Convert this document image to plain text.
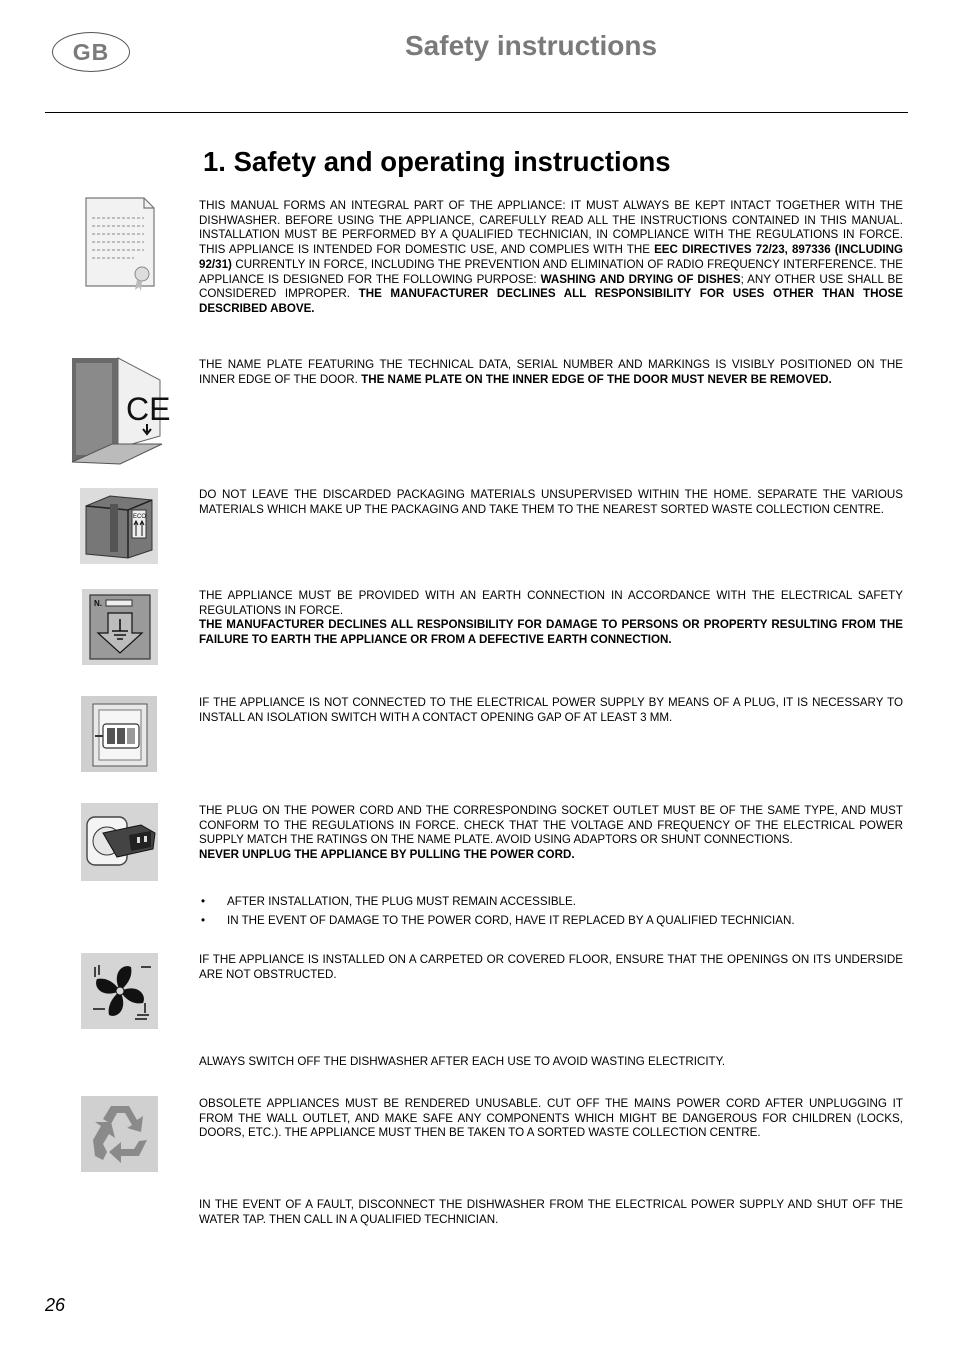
GB	Safety instructions
1. Safety and operating instructions
CE
ECO
N.
THIS MANUAL FORMS AN INTEGRAL PART OF THE APPLIANCE: IT MUST ALWAYS BE KEPT INTACT TOGETHER WITH THE DISHWASHER. BEFORE USING THE APPLIANCE, CAREFULLY READ ALL THE INSTRUCTIONS CONTAINED IN THIS MANUAL. INSTALLATION MUST BE PERFORMED BY A QUALIFIED TECHNICIAN, IN COMPLIANCE WITH THE REGULATIONS IN FORCE. THIS APPLIANCE IS INTENDED FOR DOMESTIC USE, AND COMPLIES WITH THE EEC DIRECTIVES 72/23, 897336 (INCLUDING 92/31) CURRENTLY IN FORCE, INCLUDING THE PREVENTION AND ELIMINATION OF RADIO FREQUENCY INTERFERENCE. THE APPLIANCE IS DESIGNED FOR THE FOLLOWING PURPOSE: WASHING AND DRYING OF DISHES; ANY OTHER USE SHALL BE CONSIDERED IMPROPER. THE MANUFACTURER DECLINES ALL RESPONSIBILITY FOR USES OTHER THAN THOSE DESCRIBED ABOVE.
THE NAME PLATE FEATURING THE TECHNICAL DATA, SERIAL NUMBER AND MARKINGS IS VISIBLY POSITIONED ON THE INNER EDGE OF THE DOOR. THE NAME PLATE ON THE INNER EDGE OF THE DOOR MUST NEVER BE REMOVED.
DO NOT LEAVE THE DISCARDED PACKAGING MATERIALS UNSUPERVISED WITHIN THE HOME. SEPARATE THE VARIOUS MATERIALS WHICH MAKE UP THE PACKAGING AND TAKE THEM TO THE NEAREST SORTED WASTE COLLECTION CENTRE.
THE APPLIANCE MUST BE PROVIDED WITH AN EARTH CONNECTION IN ACCORDANCE WITH THE ELECTRICAL SAFETY REGULATIONS IN FORCE.
THE MANUFACTURER DECLINES ALL RESPONSIBILITY FOR DAMAGE TO PERSONS OR PROPERTY RESULTING FROM THE FAILURE TO EARTH THE APPLIANCE OR FROM A DEFECTIVE EARTH CONNECTION.
IF THE APPLIANCE IS NOT CONNECTED TO THE ELECTRICAL POWER SUPPLY BY MEANS OF A PLUG, IT IS NECESSARY TO INSTALL AN ISOLATION SWITCH WITH A CONTACT OPENING GAP OF AT LEAST 3 MM.
THE PLUG ON THE POWER CORD AND THE CORRESPONDING SOCKET OUTLET MUST BE OF THE SAME TYPE, AND MUST CONFORM TO THE REGULATIONS IN FORCE. CHECK THAT THE VOLTAGE AND FREQUENCY OF THE ELECTRICAL POWER SUPPLY MATCH THE RATINGS ON THE NAME PLATE. AVOID USING ADAPTORS OR SHUNT CONNECTIONS.
NEVER UNPLUG THE APPLIANCE BY PULLING THE POWER CORD.
• AFTER INSTALLATION, THE PLUG MUST REMAIN ACCESSIBLE.
• IN THE EVENT OF DAMAGE TO THE POWER CORD, HAVE IT REPLACED BY A QUALIFIED TECHNICIAN.
IF THE APPLIANCE IS INSTALLED ON A CARPETED OR COVERED FLOOR, ENSURE THAT THE OPENINGS ON ITS UNDERSIDE ARE NOT OBSTRUCTED.
ALWAYS SWITCH OFF THE DISHWASHER AFTER EACH USE TO AVOID WASTING ELECTRICITY.
OBSOLETE APPLIANCES MUST BE RENDERED UNUSABLE. CUT OFF THE MAINS POWER CORD AFTER UNPLUGGING IT FROM THE WALL OUTLET, AND MAKE SAFE ANY COMPONENTS WHICH MIGHT BE DANGEROUS FOR CHILDREN (LOCKS, DOORS, ETC.). THE APPLIANCE MUST THEN BE TAKEN TO A SORTED WASTE COLLECTION CENTRE.
IN THE EVENT OF A FAULT, DISCONNECT THE DISHWASHER FROM THE ELECTRICAL POWER SUPPLY AND SHUT OFF THE WATER TAP. THEN CALL IN A QUALIFIED TECHNICIAN.
26
